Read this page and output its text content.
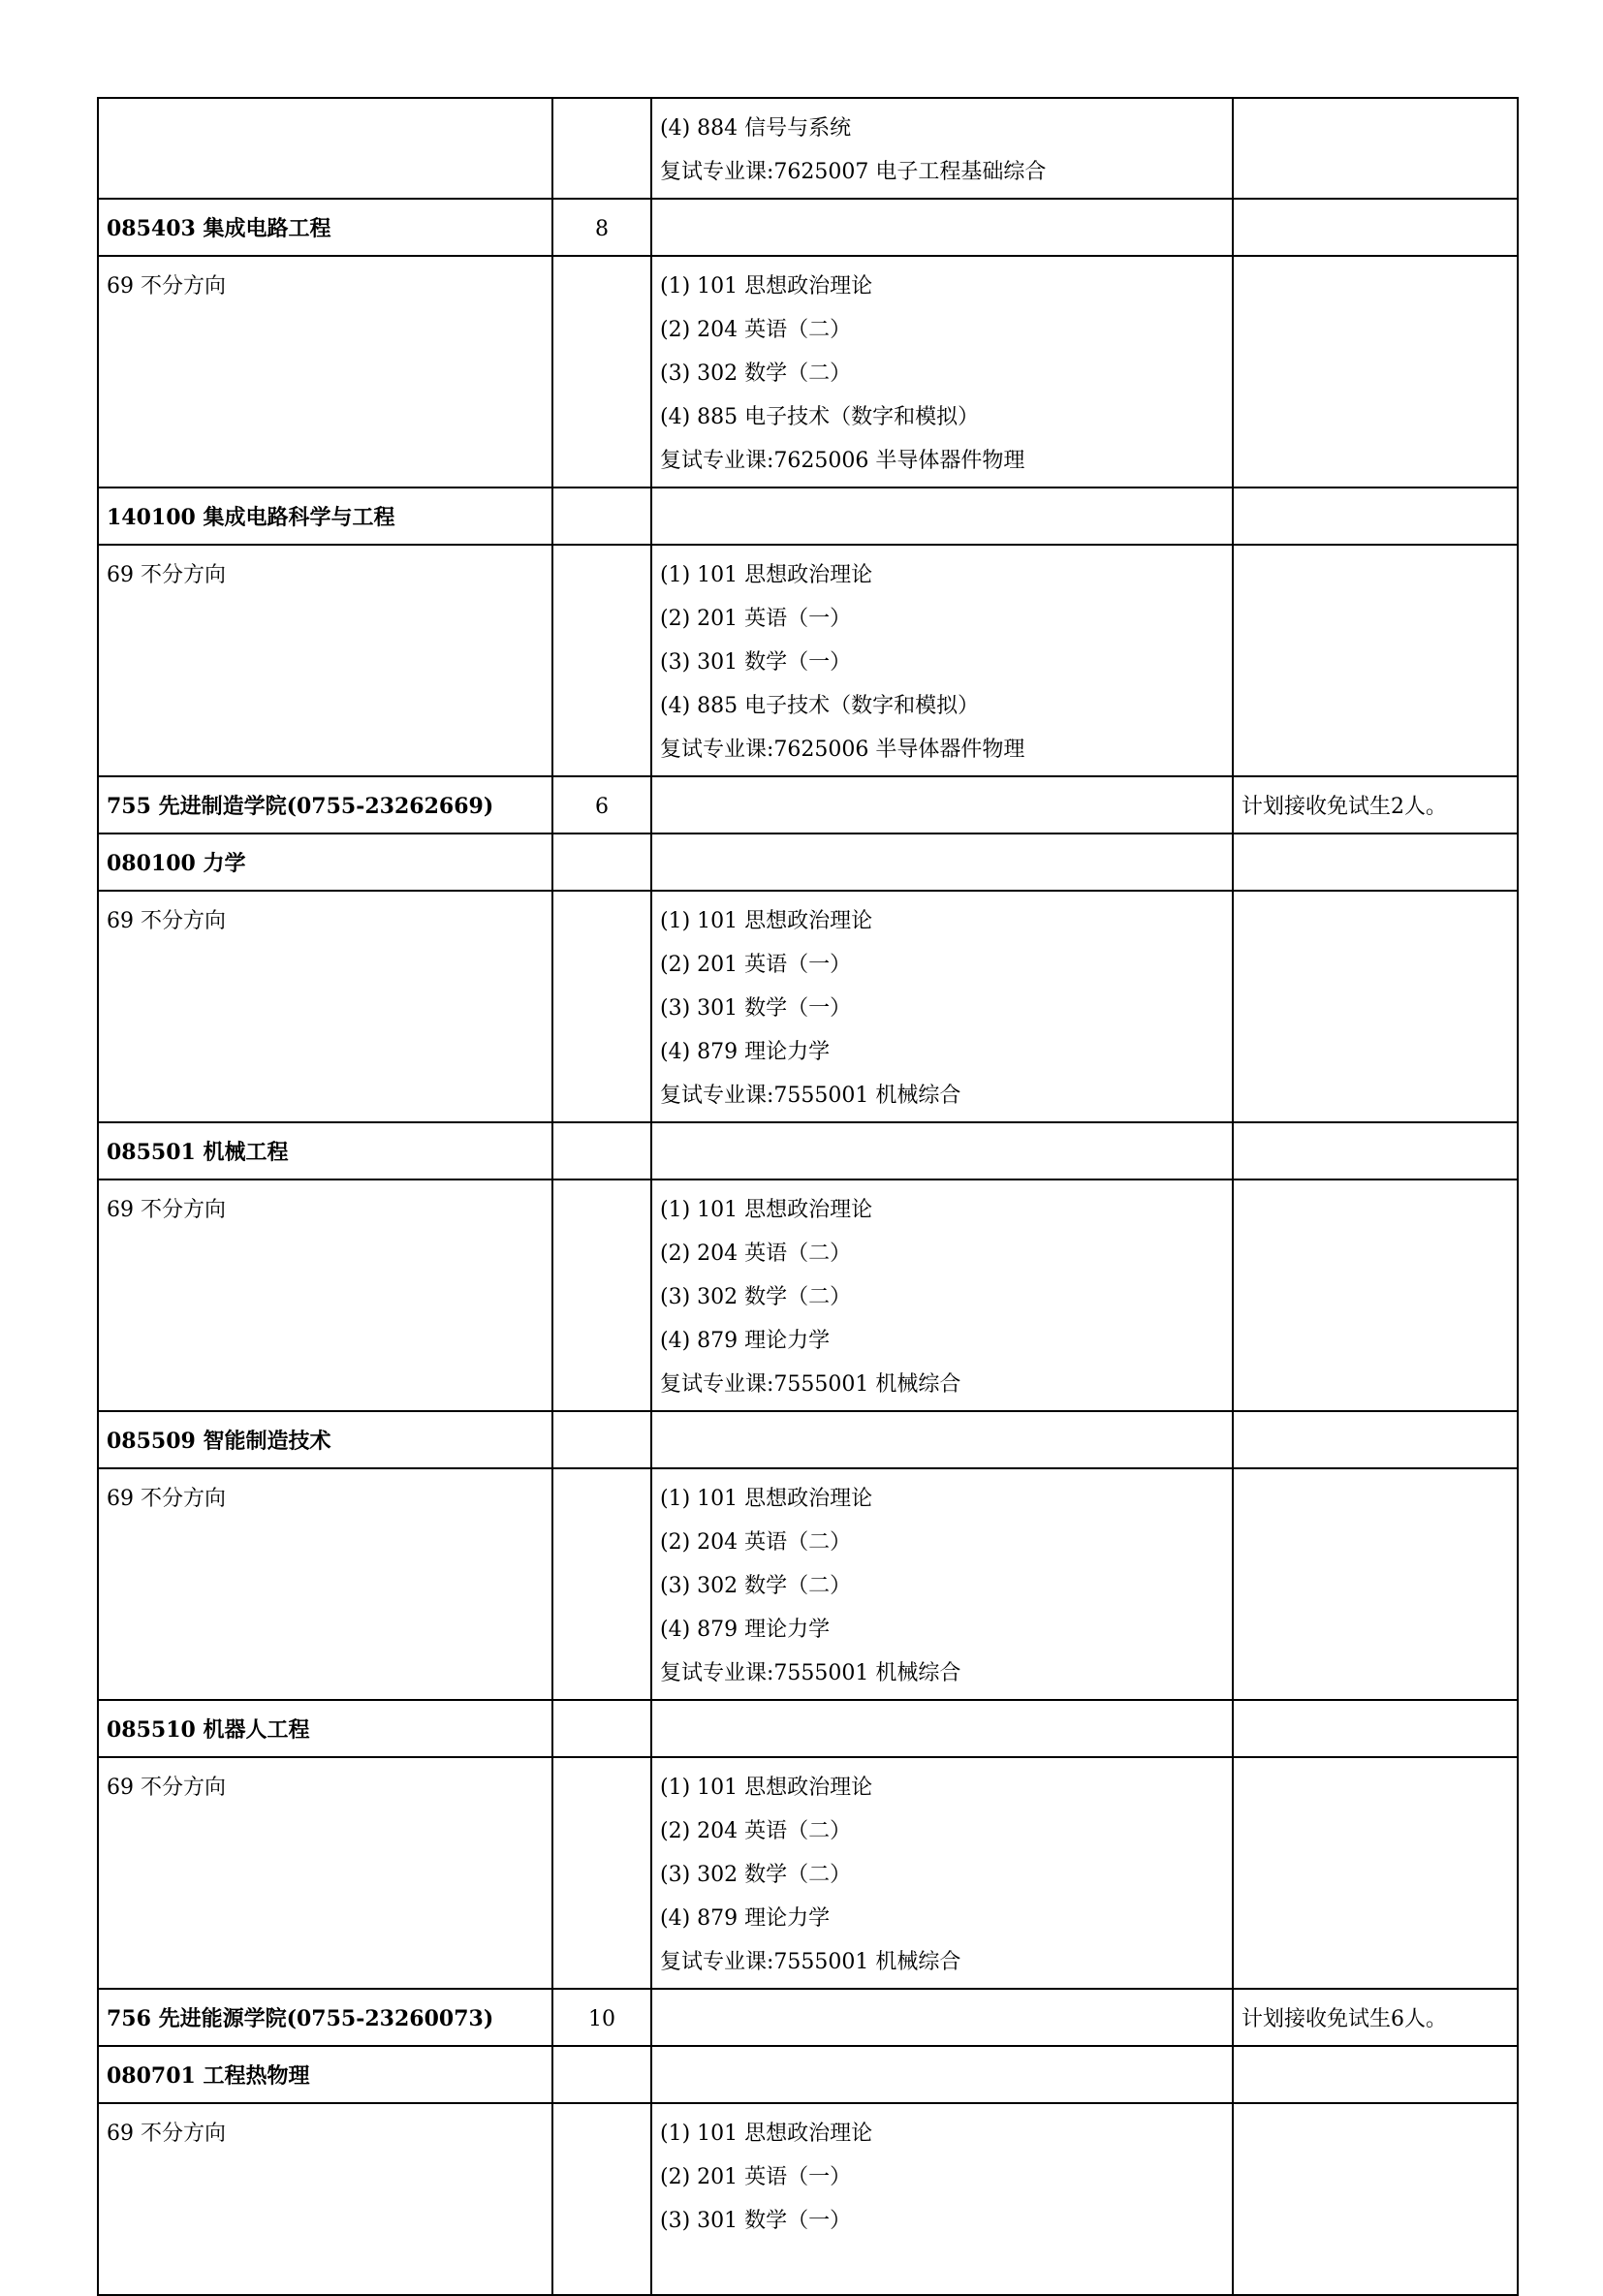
		(4) 884 信号与系统
复试专业课:7625007 电子工程基础综合	

085403 集成电路工程	8		

69 不分方向		(1) 101 思想政治理论
(2) 204 英语（二）
(3) 302 数学（二）
(4) 885 电子技术（数字和模拟）
复试专业课:7625006 半导体器件物理	

140100 集成电路科学与工程			

69 不分方向		(1) 101 思想政治理论
(2) 201 英语（一）
(3) 301 数学（一）
(4) 885 电子技术（数字和模拟）
复试专业课:7625006 半导体器件物理	

755 先进制造学院(0755-23262669)	6		计划接收免试生2人。
080100 力学			

69 不分方向		(1) 101 思想政治理论
(2) 201 英语（一）
(3) 301 数学（一）
(4) 879 理论力学
复试专业课:7555001 机械综合	

085501 机械工程			

69 不分方向		(1) 101 思想政治理论
(2) 204 英语（二）
(3) 302 数学（二）
(4) 879 理论力学
复试专业课:7555001 机械综合	

085509 智能制造技术			

69 不分方向		(1) 101 思想政治理论
(2) 204 英语（二）
(3) 302 数学（二）
(4) 879 理论力学
复试专业课:7555001 机械综合	

085510 机器人工程			

69 不分方向		(1) 101 思想政治理论
(2) 204 英语（二）
(3) 302 数学（二）
(4) 879 理论力学
复试专业课:7555001 机械综合	

756 先进能源学院(0755-23260073)	10		计划接收免试生6人。
080701 工程热物理			

69 不分方向		(1) 101 思想政治理论
(2) 201 英语（一）
(3) 301 数学（一）	
